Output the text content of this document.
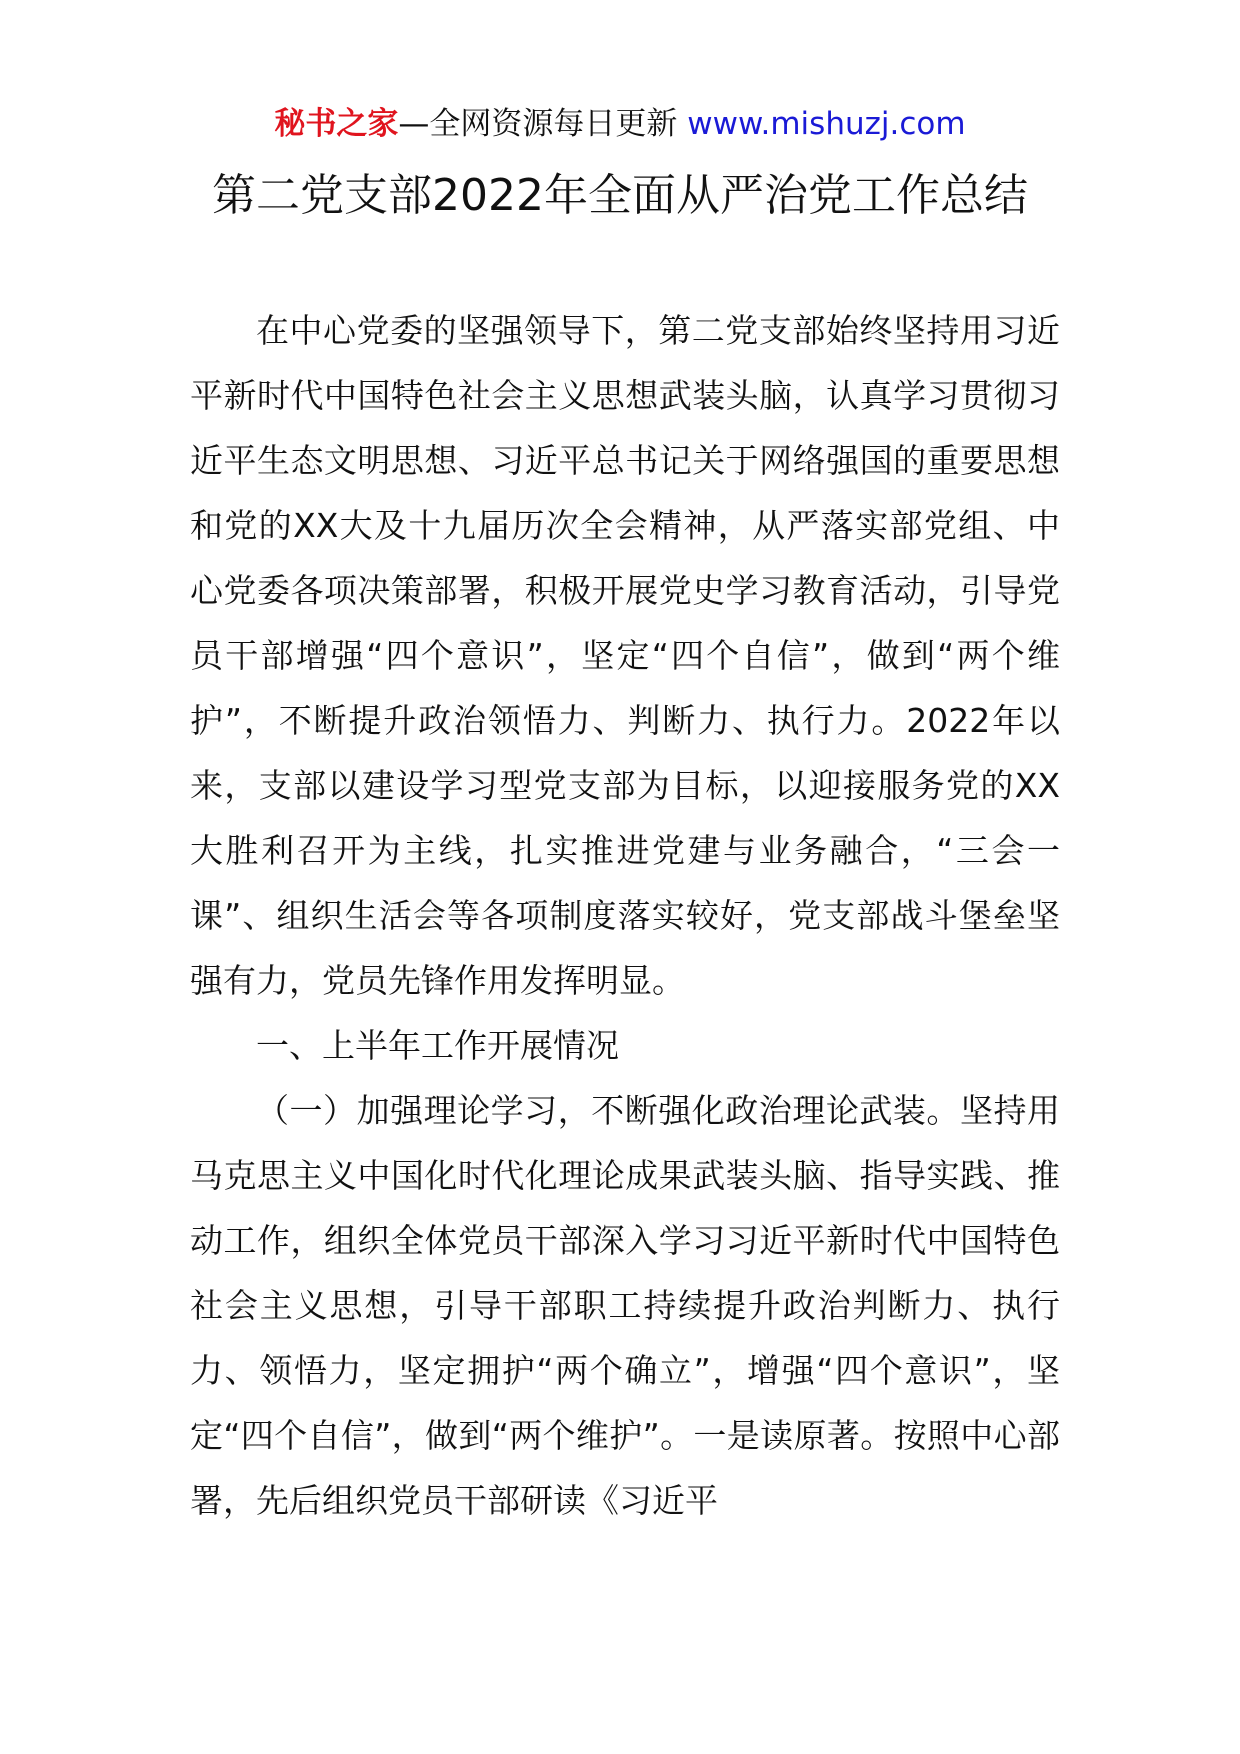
秘书之家—全网资源每日更新 www.mishuzj.com
第二党支部2022年全面从严治党工作总结

在中心党委的坚强领导下，第二党支部始终坚持用习近平新时代中国特色社会主义思想武装头脑，认真学习贯彻习近平生态文明思想、习近平总书记关于网络强国的重要思想和党的XX大及十九届历次全会精神，从严落实部党组、中心党委各项决策部署，积极开展党史学习教育活动，引导党员干部增强“四个意识”，坚定“四个自信”，做到“两个维护”，不断提升政治领悟力、判断力、执行力。2022年以来，支部以建设学习型党支部为目标，以迎接服务党的XX大胜利召开为主线，扎实推进党建与业务融合，“三会一课”、组织生活会等各项制度落实较好，党支部战斗堡垒坚强有力，党员先锋作用发挥明显。

一、上半年工作开展情况

（一）加强理论学习，不断强化政治理论武装。坚持用马克思主义中国化时代化理论成果武装头脑、指导实践、推动工作，组织全体党员干部深入学习习近平新时代中国特色社会主义思想，引导干部职工持续提升政治判断力、执行力、领悟力，坚定拥护“两个确立”，增强“四个意识”，坚定“四个自信”，做到“两个维护”。一是读原著。按照中心部署，先后组织党员干部研读《习近平
